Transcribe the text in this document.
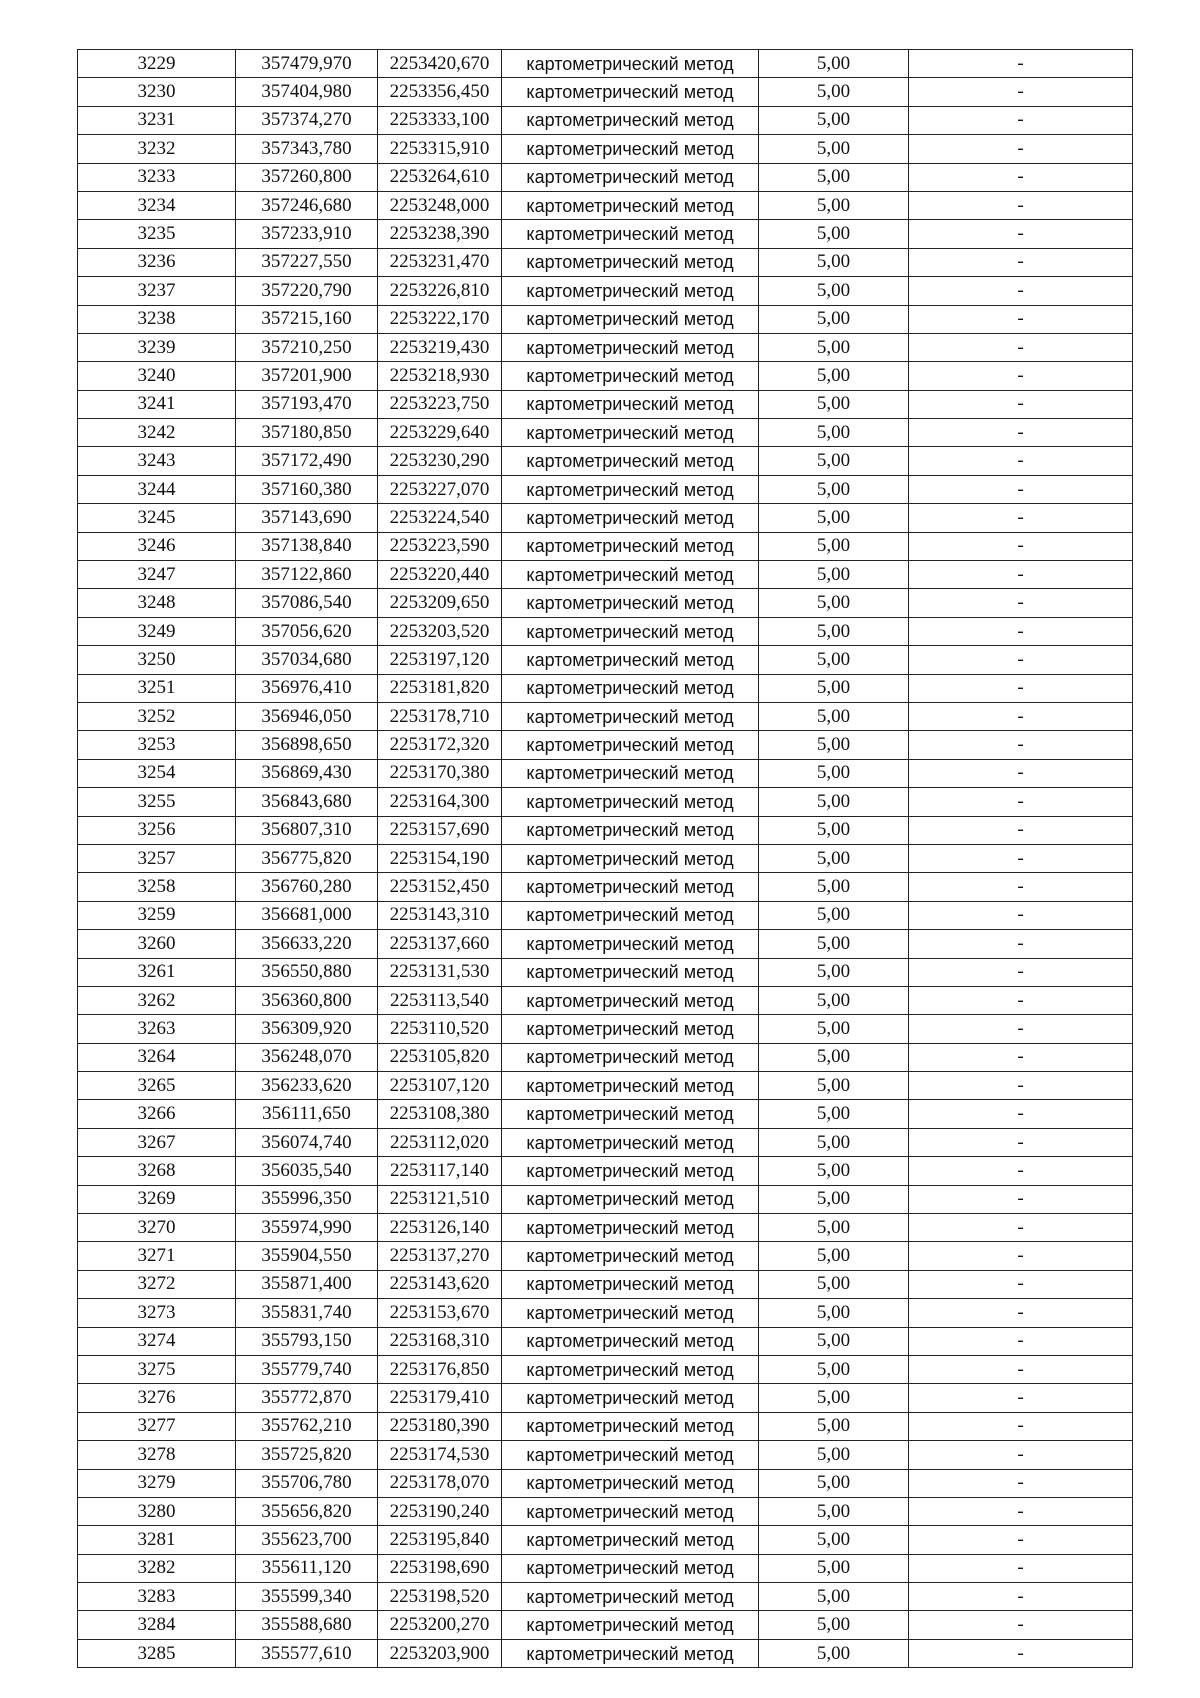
3229	357479,970	2253420,670	картометрический метод	5,00	-
3230	357404,980	2253356,450	картометрический метод	5,00	-
3231	357374,270	2253333,100	картометрический метод	5,00	-
3232	357343,780	2253315,910	картометрический метод	5,00	-
3233	357260,800	2253264,610	картометрический метод	5,00	-
3234	357246,680	2253248,000	картометрический метод	5,00	-
3235	357233,910	2253238,390	картометрический метод	5,00	-
3236	357227,550	2253231,470	картометрический метод	5,00	-
3237	357220,790	2253226,810	картометрический метод	5,00	-
3238	357215,160	2253222,170	картометрический метод	5,00	-
3239	357210,250	2253219,430	картометрический метод	5,00	-
3240	357201,900	2253218,930	картометрический метод	5,00	-
3241	357193,470	2253223,750	картометрический метод	5,00	-
3242	357180,850	2253229,640	картометрический метод	5,00	-
3243	357172,490	2253230,290	картометрический метод	5,00	-
3244	357160,380	2253227,070	картометрический метод	5,00	-
3245	357143,690	2253224,540	картометрический метод	5,00	-
3246	357138,840	2253223,590	картометрический метод	5,00	-
3247	357122,860	2253220,440	картометрический метод	5,00	-
3248	357086,540	2253209,650	картометрический метод	5,00	-
3249	357056,620	2253203,520	картометрический метод	5,00	-
3250	357034,680	2253197,120	картометрический метод	5,00	-
3251	356976,410	2253181,820	картометрический метод	5,00	-
3252	356946,050	2253178,710	картометрический метод	5,00	-
3253	356898,650	2253172,320	картометрический метод	5,00	-
3254	356869,430	2253170,380	картометрический метод	5,00	-
3255	356843,680	2253164,300	картометрический метод	5,00	-
3256	356807,310	2253157,690	картометрический метод	5,00	-
3257	356775,820	2253154,190	картометрический метод	5,00	-
3258	356760,280	2253152,450	картометрический метод	5,00	-
3259	356681,000	2253143,310	картометрический метод	5,00	-
3260	356633,220	2253137,660	картометрический метод	5,00	-
3261	356550,880	2253131,530	картометрический метод	5,00	-
3262	356360,800	2253113,540	картометрический метод	5,00	-
3263	356309,920	2253110,520	картометрический метод	5,00	-
3264	356248,070	2253105,820	картометрический метод	5,00	-
3265	356233,620	2253107,120	картометрический метод	5,00	-
3266	356111,650	2253108,380	картометрический метод	5,00	-
3267	356074,740	2253112,020	картометрический метод	5,00	-
3268	356035,540	2253117,140	картометрический метод	5,00	-
3269	355996,350	2253121,510	картометрический метод	5,00	-
3270	355974,990	2253126,140	картометрический метод	5,00	-
3271	355904,550	2253137,270	картометрический метод	5,00	-
3272	355871,400	2253143,620	картометрический метод	5,00	-
3273	355831,740	2253153,670	картометрический метод	5,00	-
3274	355793,150	2253168,310	картометрический метод	5,00	-
3275	355779,740	2253176,850	картометрический метод	5,00	-
3276	355772,870	2253179,410	картометрический метод	5,00	-
3277	355762,210	2253180,390	картометрический метод	5,00	-
3278	355725,820	2253174,530	картометрический метод	5,00	-
3279	355706,780	2253178,070	картометрический метод	5,00	-
3280	355656,820	2253190,240	картометрический метод	5,00	-
3281	355623,700	2253195,840	картометрический метод	5,00	-
3282	355611,120	2253198,690	картометрический метод	5,00	-
3283	355599,340	2253198,520	картометрический метод	5,00	-
3284	355588,680	2253200,270	картометрический метод	5,00	-
3285	355577,610	2253203,900	картометрический метод	5,00	-
